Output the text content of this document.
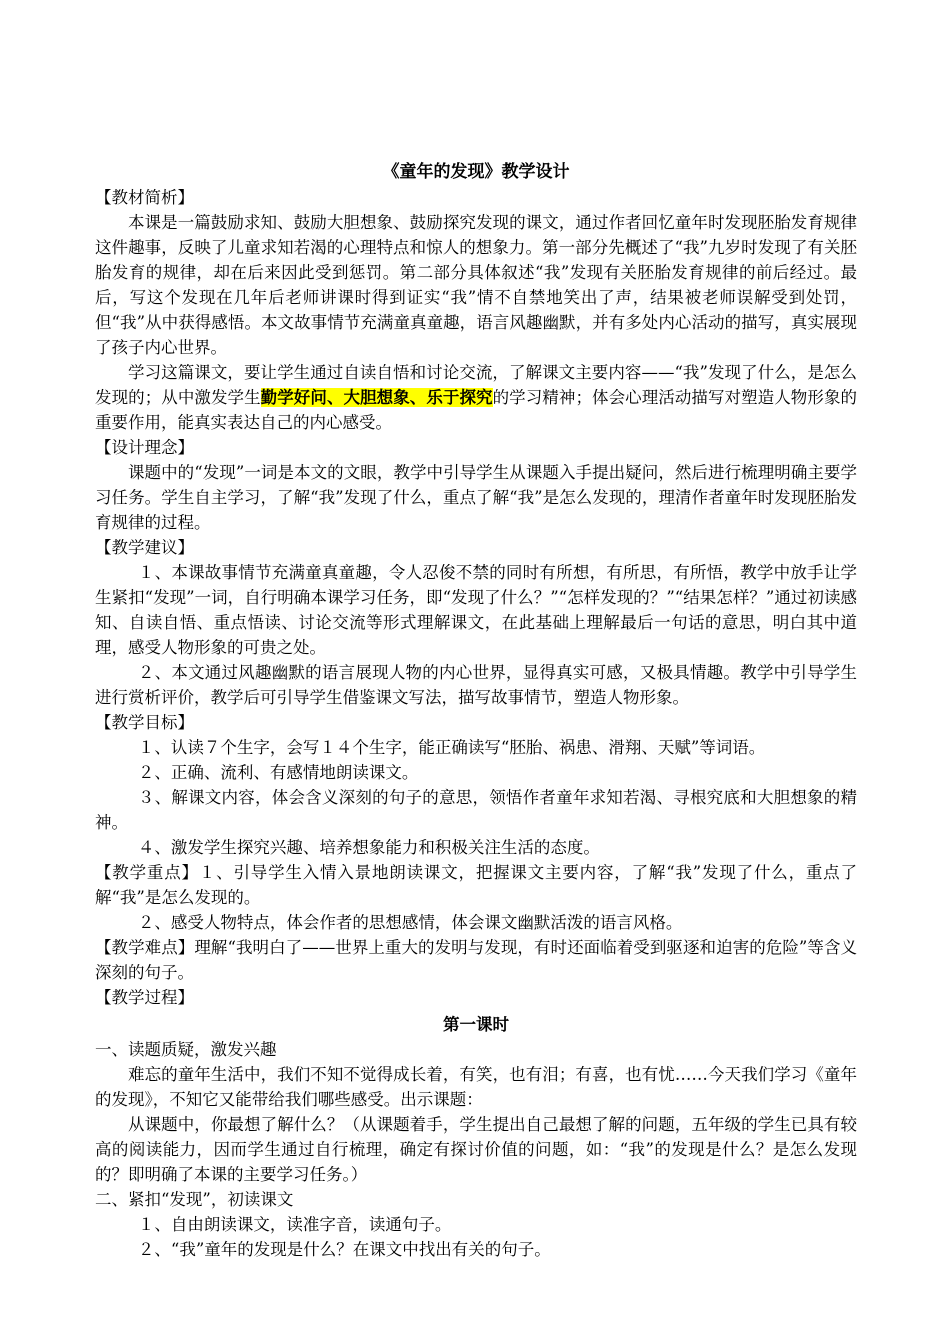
《童年的发现》教学设计

【教材简析】

本课是一篇鼓励求知、鼓励大胆想象、鼓励探究发现的课文，通过作者回忆童年时发现胚胎发育规律这件趣事，反映了儿童求知若渴的心理特点和惊人的想象力。第一部分先概述了“我”九岁时发现了有关胚胎发育的规律，却在后来因此受到惩罚。第二部分具体叙述“我”发现有关胚胎发育规律的前后经过。最后，写这个发现在几年后老师讲课时得到证实“我”情不自禁地笑出了声，结果被老师误解受到处罚，但“我”从中获得感悟。本文故事情节充满童真童趣，语言风趣幽默，并有多处内心活动的描写，真实展现了孩子内心世界。

学习这篇课文，要让学生通过自读自悟和讨论交流，了解课文主要内容——“我”发现了什么，是怎么发现的；从中激发学生勤学好问、大胆想象、乐于探究的学习精神；体会心理活动描写对塑造人物形象的重要作用，能真实表达自己的内心感受。

【设计理念】

课题中的“发现”一词是本文的文眼，教学中引导学生从课题入手提出疑问，然后进行梳理明确主要学习任务。学生自主学习，了解“我”发现了什么，重点了解“我”是怎么发现的，理清作者童年时发现胚胎发育规律的过程。

【教学建议】

１、本课故事情节充满童真童趣，令人忍俊不禁的同时有所想，有所思，有所悟，教学中放手让学生紧扣“发现”一词，自行明确本课学习任务，即“发现了什么？”“怎样发现的？”“结果怎样？”通过初读感知、自读自悟、重点悟读、讨论交流等形式理解课文，在此基础上理解最后一句话的意思，明白其中道理，感受人物形象的可贵之处。

２、本文通过风趣幽默的语言展现人物的内心世界，显得真实可感，又极具情趣。教学中引导学生进行赏析评价，教学后可引导学生借鉴课文写法，描写故事情节，塑造人物形象。

【教学目标】

１、认读７个生字，会写１４个生字，能正确读写“胚胎、祸患、滑翔、天赋”等词语。

２、正确、流利、有感情地朗读课文。

３、解课文内容，体会含义深刻的句子的意思，领悟作者童年求知若渴、寻根究底和大胆想象的精神。

４、激发学生探究兴趣、培养想象能力和积极关注生活的态度。

【教学重点】１、引导学生入情入景地朗读课文，把握课文主要内容，了解“我”发现了什么，重点了解“我”是怎么发现的。

２、感受人物特点，体会作者的思想感情，体会课文幽默活泼的语言风格。

【教学难点】理解“我明白了——世界上重大的发明与发现，有时还面临着受到驱逐和迫害的危险”等含义深刻的句子。

【教学过程】

第一课时

一、读题质疑，激发兴趣

难忘的童年生活中，我们不知不觉得成长着，有笑，也有泪；有喜，也有忧……今天我们学习《童年的发现》，不知它又能带给我们哪些感受。出示课题：

从课题中，你最想了解什么？（从课题着手，学生提出自己最想了解的问题，五年级的学生已具有较高的阅读能力，因而学生通过自行梳理，确定有探讨价值的问题，如：“我”的发现是什么？是怎么发现的？即明确了本课的主要学习任务。）

二、紧扣“发现”，初读课文

１、自由朗读课文，读准字音，读通句子。

２、“我”童年的发现是什么？在课文中找出有关的句子。
